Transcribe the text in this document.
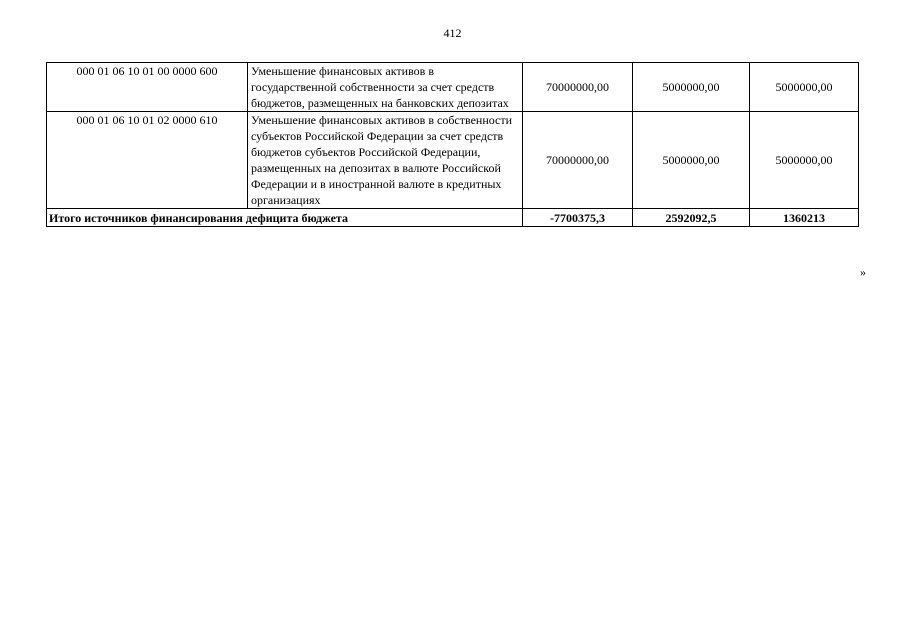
412
000 01 06 10 01 00 0000 600	Уменьшение финансовых активов в государственной собственности за счет средств бюджетов, размещенных на банковских депозитах	70000000,00	5000000,00	5000000,00
000 01 06 10 01 02 0000 610	Уменьшение финансовых активов в собственности субъектов Российской Федерации за счет средств бюджетов субъектов Российской Федерации, размещенных на депозитах в валюте Российской Федерации и в иностранной валюте в кредитных организациях	70000000,00	5000000,00	5000000,00
Итого источников финансирования дефицита бюджета		-7700375,3	2592092,5	1360213
»
